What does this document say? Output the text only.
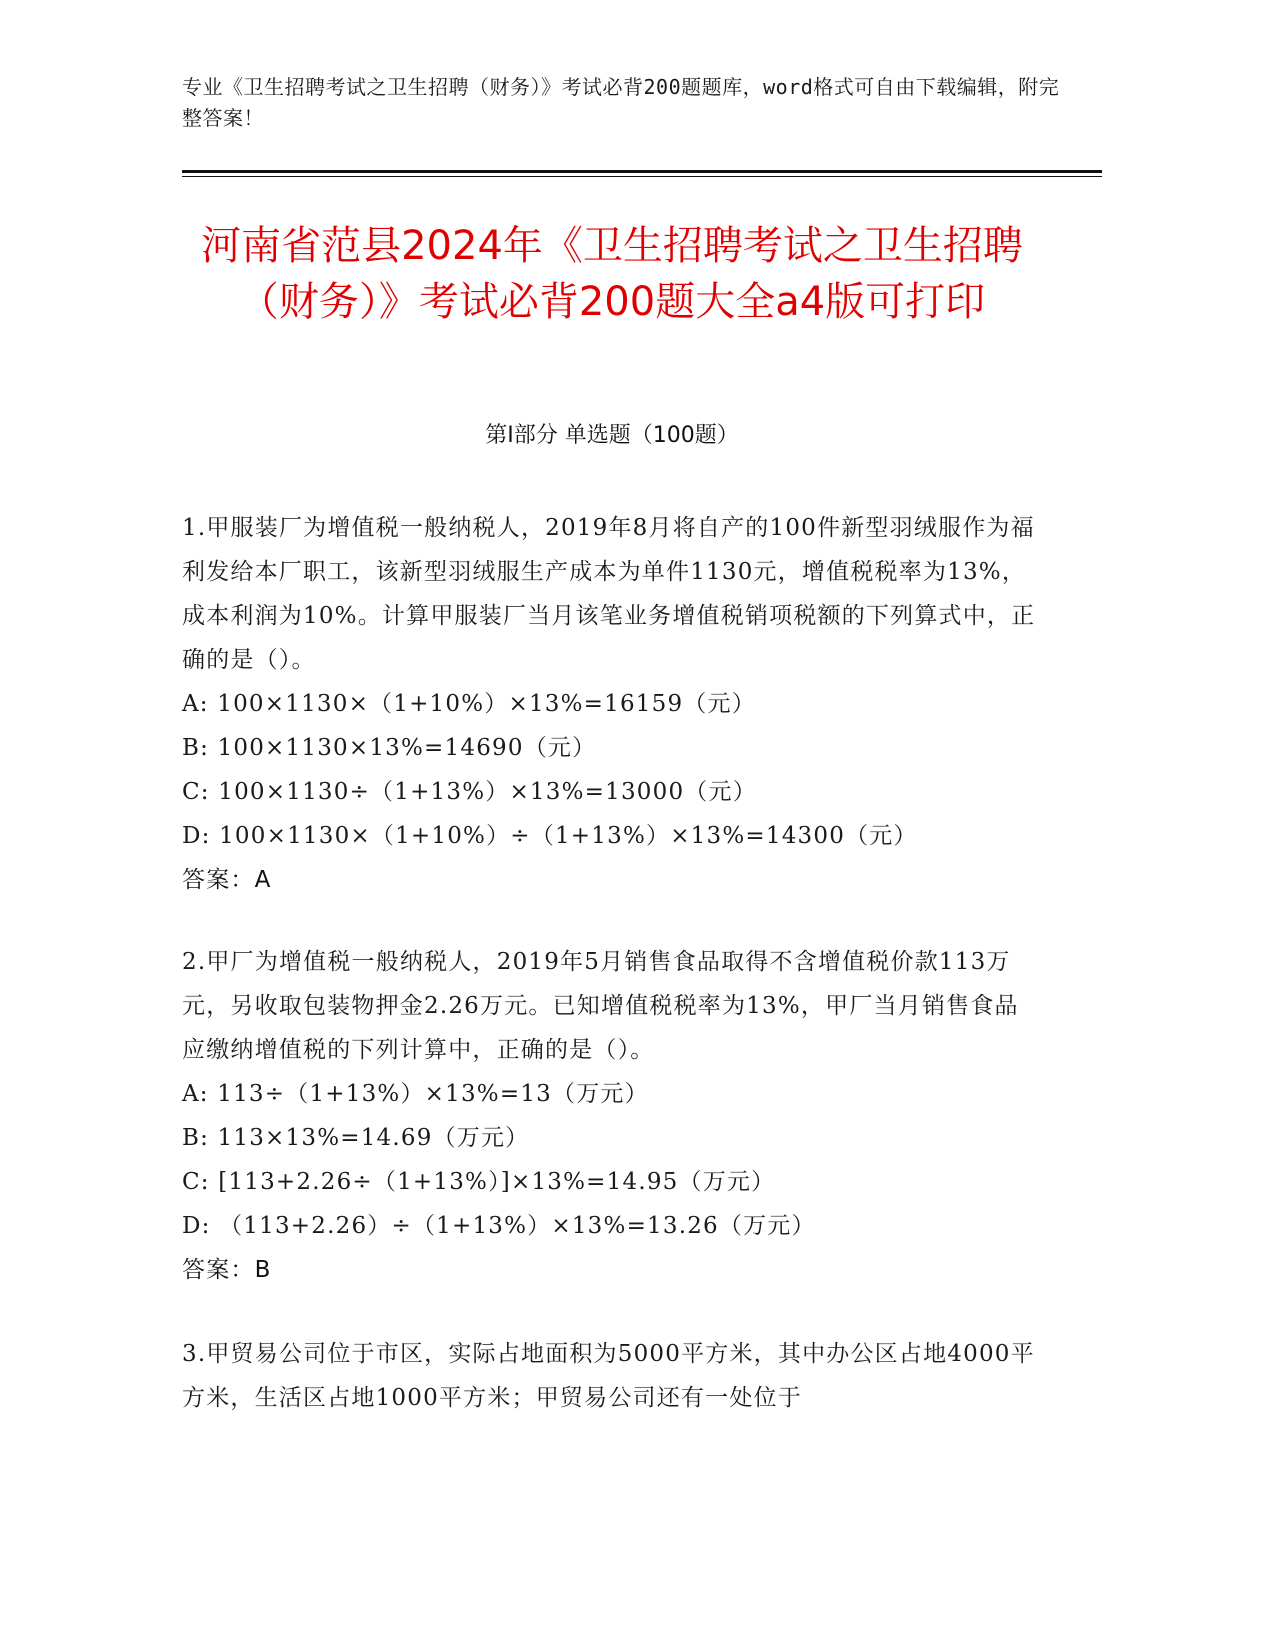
专业《卫生招聘考试之卫生招聘（财务）》考试必背200题题库，word格式可自由下载编辑，附完整答案！
河南省范县2024年《卫生招聘考试之卫生招聘（财务）》考试必背200题大全a4版可打印
第I部分 单选题（100题）

1.甲服装厂为增值税一般纳税人，2019年8月将自产的100件新型羽绒服作为福利发给本厂职工，该新型羽绒服生产成本为单件1130元，增值税税率为13%，成本利润为10%。计算甲服装厂当月该笔业务增值税销项税额的下列算式中，正确的是（）。

A: 100×1130×（1+10%）×13%=16159（元）

B: 100×1130×13%=14690（元）

C: 100×1130÷（1+13%）×13%=13000（元）

D: 100×1130×（1+10%）÷（1+13%）×13%=14300（元）

答案：A

2.甲厂为增值税一般纳税人，2019年5月销售食品取得不含增值税价款113万元，另收取包装物押金2.26万元。已知增值税税率为13%，甲厂当月销售食品应缴纳增值税的下列计算中，正确的是（）。

A: 113÷（1+13%）×13%=13（万元）

B: 113×13%=14.69（万元）

C: [113+2.26÷（1+13%）]×13%=14.95（万元）

D: （113+2.26）÷（1+13%）×13%=13.26（万元）

答案：B

3.甲贸易公司位于市区，实际占地面积为5000平方米，其中办公区占地4000平方米，生活区占地1000平方米；甲贸易公司还有一处位于
